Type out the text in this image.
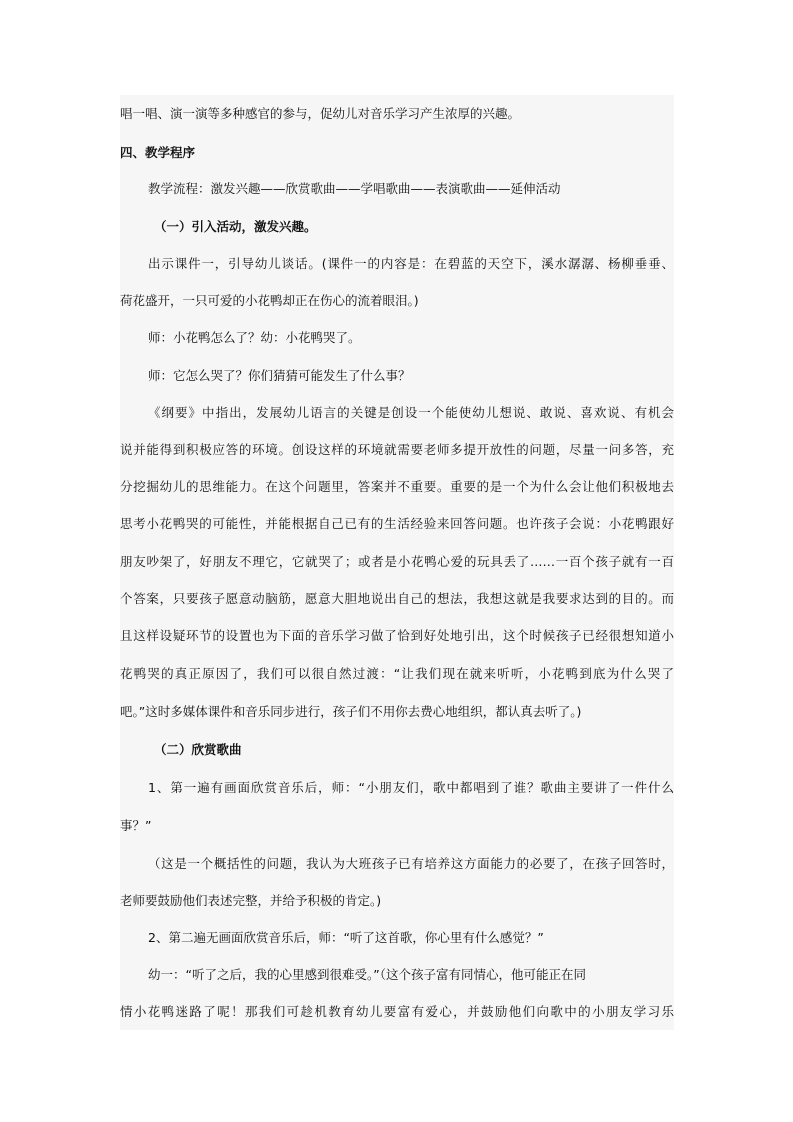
唱一唱、演一演等多种感官的参与，促幼儿对音乐学习产生浓厚的兴趣。
四、教学程序
教学流程：激发兴趣——欣赏歌曲——学唱歌曲——表演歌曲——延伸活动
（一）引入活动，激发兴趣。
出示课件一，引导幼儿谈话。(课件一的内容是：在碧蓝的天空下，溪水潺潺、杨柳垂垂、
荷花盛开，一只可爱的小花鸭却正在伤心的流着眼泪。)
师：小花鸭怎么了？幼：小花鸭哭了。
师：它怎么哭了？你们猜猜可能发生了什么事？
《纲要》中指出，发展幼儿语言的关键是创设一个能使幼儿想说、敢说、喜欢说、有机会
说并能得到积极应答的环境。创设这样的环境就需要老师多提开放性的问题，尽量一问多答，充
分挖掘幼儿的思维能力。在这个问题里，答案并不重要。重要的是一个为什么会让他们积极地去
思考小花鸭哭的可能性，并能根据自己已有的生活经验来回答问题。也许孩子会说：小花鸭跟好
朋友吵架了，好朋友不理它，它就哭了；或者是小花鸭心爱的玩具丢了……一百个孩子就有一百
个答案，只要孩子愿意动脑筋，愿意大胆地说出自己的想法，我想这就是我要求达到的目的。而
且这样设疑环节的设置也为下面的音乐学习做了恰到好处地引出，这个时候孩子已经很想知道小
花鸭哭的真正原因了，我们可以很自然过渡：“让我们现在就来听听，小花鸭到底为什么哭了
吧。”这时多媒体课件和音乐同步进行，孩子们不用你去费心地组织，都认真去听了。)
（二）欣赏歌曲
1、第一遍有画面欣赏音乐后，师：“小朋友们，歌中都唱到了谁？歌曲主要讲了一件什么
事？”
（这是一个概括性的问题，我认为大班孩子已有培养这方面能力的必要了，在孩子回答时，
老师要鼓励他们表述完整，并给予积极的肯定。)
2、第二遍无画面欣赏音乐后，师：“听了这首歌，你心里有什么感觉？”
幼一：“听了之后，我的心里感到很难受。”（这个孩子富有同情心，他可能正在同
情小花鸭迷路了呢！那我们可趁机教育幼儿要富有爱心，并鼓励他们向歌中的小朋友学习乐
